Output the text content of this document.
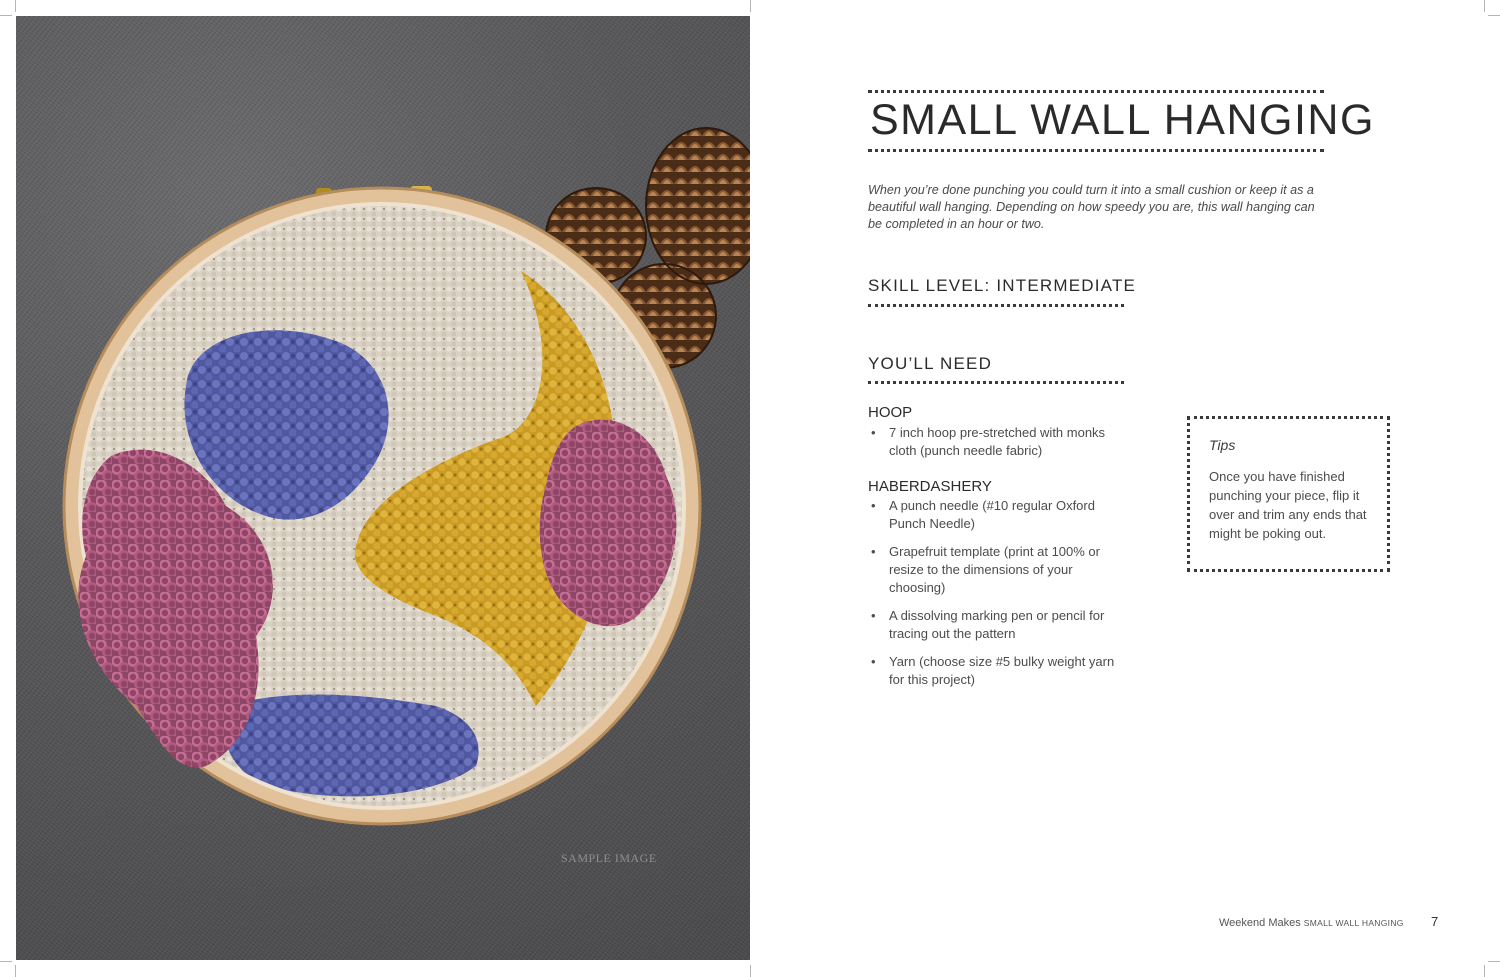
SAMPLE IMAGE
SMALL WALL HANGING

When you’re done punching you could turn it into a small cushion or keep it as a beautiful wall hanging. Depending on how speedy you are, this wall hanging can be completed in an hour or two.

SKILL LEVEL: INTERMEDIATE
YOU’LL NEED
HOOP
• 7 inch hoop pre-stretched with monks cloth (punch needle fabric)
HABERDASHERY
• A punch needle (#10 regular Oxford Punch Needle)
• Grapefruit template (print at 100% or resize to the dimensions of your choosing)
• A dissolving marking pen or pencil for tracing out the pattern
• Yarn (choose size #5 bulky weight yarn for this project)
Tips

Once you have finished punching your piece, flip it over and trim any ends that might be poking out.

Weekend Makes SMALL WALL HANGING 7
